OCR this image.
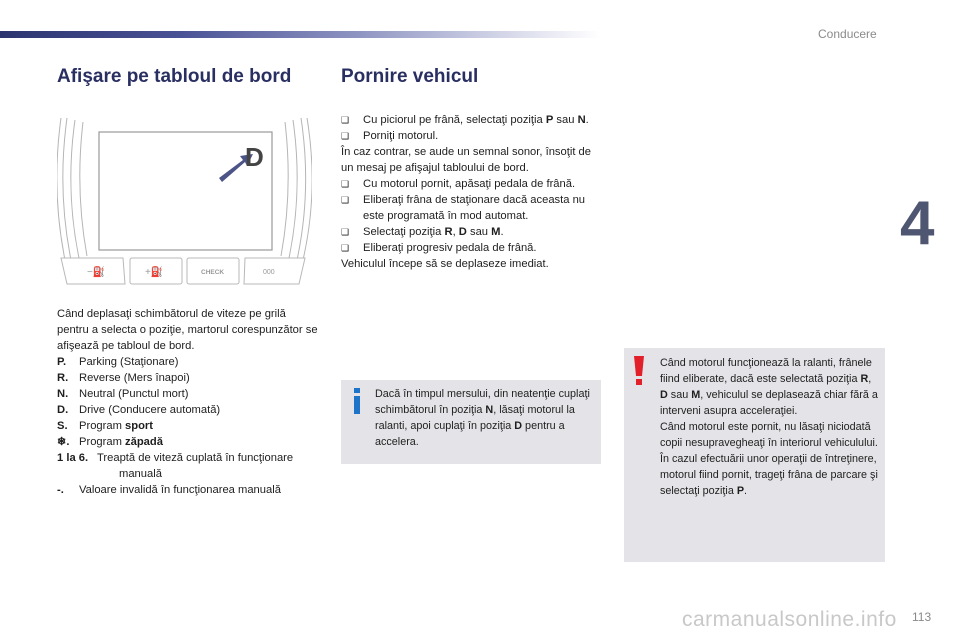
Conducere
4
Afişare pe tabloul de bord	Pornire vehicul
D
−⛽	+⛽	CHECK	000

Când deplasaţi schimbătorul de viteze pe grilă pentru a selecta o poziţie, martorul corespunzător se afişează pe tabloul de bord.

P.	Parking (Staţionare)
R. Reverse (Mers înapoi)
N. Neutral (Punctul mort)
D. Drive (Conducere automată)
S.	Program sport
❄. Program zăpadă
1 la 6. Treaptă de viteză cuplată în funcţionare
manuală
-.	Valoare invalidă în funcţionarea manuală
❑	Cu piciorul pe frână, selectaţi poziţia P sau N.
❑	Porniţi motorul.

În caz contrar, se aude un semnal sonor, însoţit de un mesaj pe afişajul tabloului de bord.

❑	Cu motorul pornit, apăsaţi pedala de frână.
❑	Eliberaţi frâna de staţionare dacă aceasta nu este programată în mod automat.
❑	Selectaţi poziţia R, D sau M.
❑	Eliberaţi progresiv pedala de frână.

Vehiculul începe să se deplaseze imediat.

Dacă în timpul mersului, din neatenţie cuplaţi schimbătorul în poziţia N, lăsaţi motorul la ralanti, apoi cuplaţi în poziţia D pentru a accelera.

Când motorul funcţionează la ralanti, frânele fiind eliberate, dacă este selectată poziţia R, D sau M, vehiculul se deplasează chiar fără a interveni asupra acceleraţiei.

Când motorul este pornit, nu lăsaţi niciodată copii nesupravegheaţi în interiorul vehiculului.

În cazul efectuării unor operaţii de întreţinere, motorul fiind pornit, trageţi frâna de parcare şi selectaţi poziţia P.

carmanualsonline.info 113
